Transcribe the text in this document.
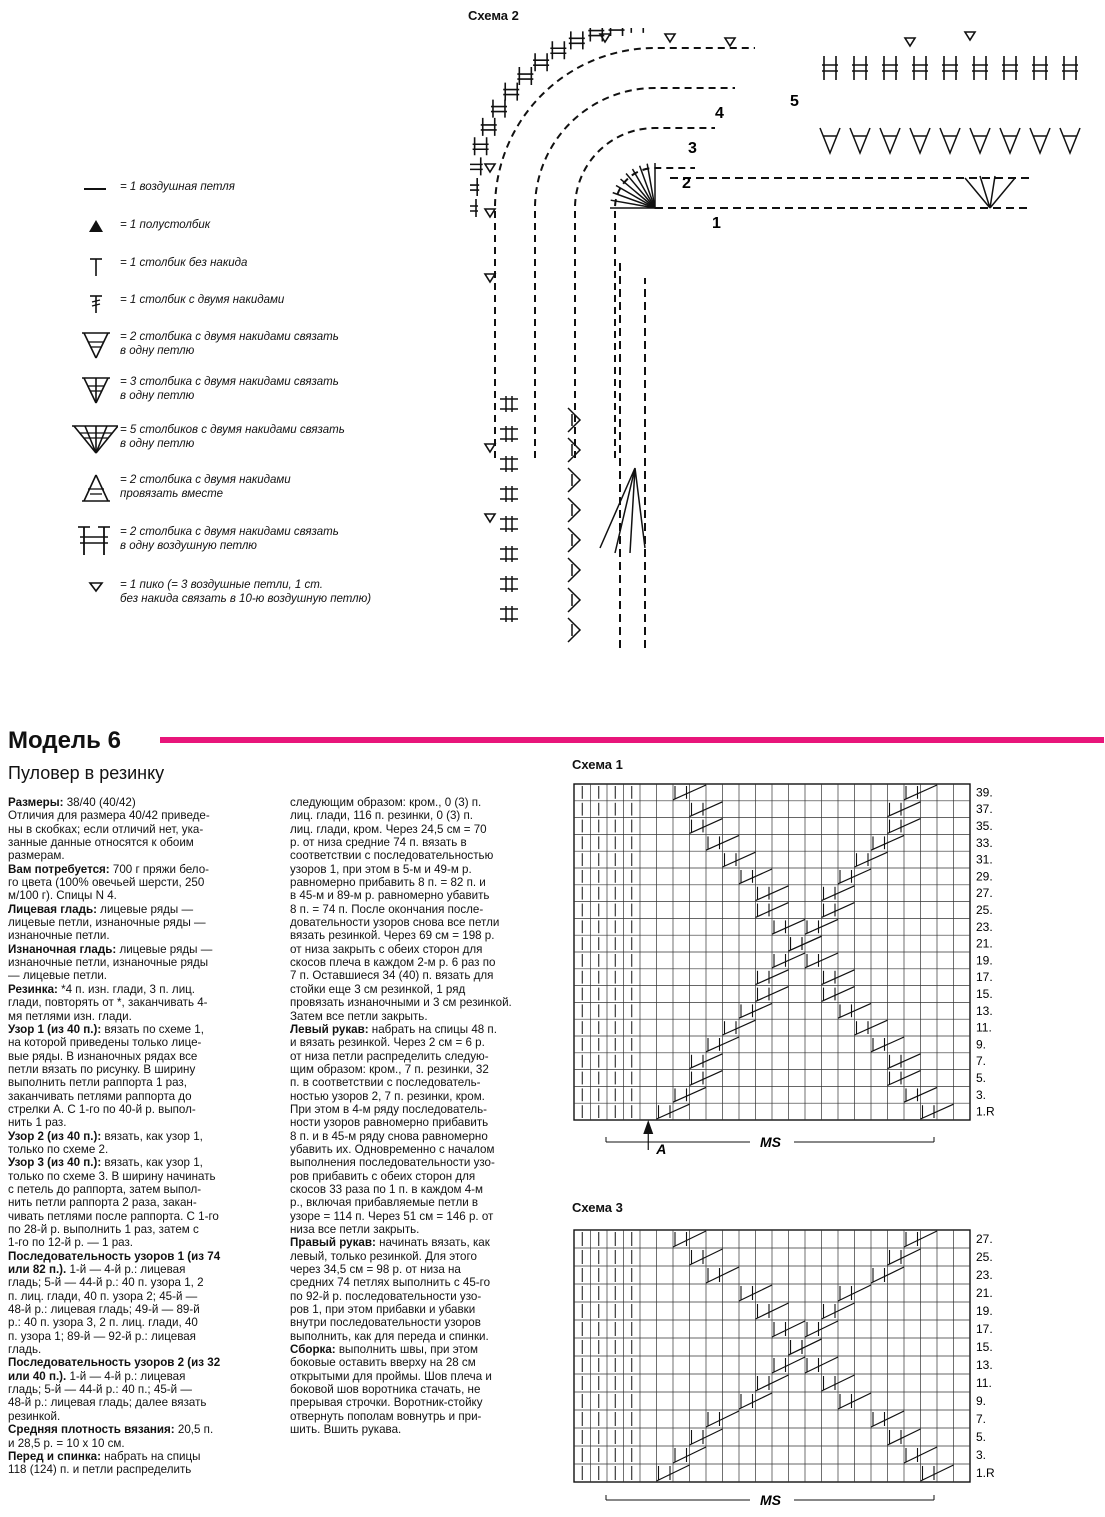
Схема 2
1
2
3
4
5
= 1 воздушная петля
= 1 полустолбик
= 1 столбик без накида
= 1 столбик с двумя накидами
= 2 столбика с двумя накидами связать
в одну петлю
= 3 столбика с двумя накидами связать
в одну петлю
= 5 столбиков с двумя накидами связать
в одну петлю
= 2 столбика с двумя накидами
провязать вместе
= 2 столбика с двумя накидами связать
в одну воздушную петлю
= 1 пико (= 3 воздушные петли, 1 ст.
без накида связать в 10-ю воздушную петлю)
Модель 6
Пуловер в резинку
Размеры: 38/40 (40/42)
Отличия для размера 40/42 приведе-
ны в скобках; если отличий нет, ука-
занные данные относятся к обоим
размерам.
Вам потребуется: 700 г пряжи бело-
го цвета (100% овечьей шерсти, 250
м/100 г). Спицы N 4.
Лицевая гладь: лицевые ряды —
лицевые петли, изнаночные ряды —
изнаночные петли.
Изнаночная гладь: лицевые ряды —
изнаночные петли, изнаночные ряды
— лицевые петли.
Резинка: *4 п. изн. глади, 3 п. лиц.
глади, повторять от *, заканчивать 4-
мя петлями изн. глади.
Узор 1 (из 40 п.): вязать по схеме 1,
на которой приведены только лице-
вые ряды. В изнаночных рядах все
петли вязать по рисунку. В ширину
выполнить петли раппорта 1 раз,
заканчивать петлями раппорта до
стрелки А. С 1-го по 40-й р. выпол-
нить 1 раз.
Узор 2 (из 40 п.): вязать, как узор 1,
только по схеме 2.
Узор 3 (из 40 п.): вязать, как узор 1,
только по схеме 3. В ширину начинать
с петель до раппорта, затем выпол-
нить петли раппорта 2 раза, закан-
чивать петлями после раппорта. С 1-го
по 28-й р. выполнить 1 раз, затем с
1-го по 12-й р. — 1 раз.
Последовательность узоров 1 (из 74
или 82 п.). 1-й — 4-й р.: лицевая
гладь; 5-й — 44-й р.: 40 п. узора 1, 2
п. лиц. глади, 40 п. узора 2; 45-й —
48-й р.: лицевая гладь; 49-й — 89-й
р.: 40 п. узора 3, 2 п. лиц. глади, 40
п. узора 1; 89-й — 92-й р.: лицевая
гладь.
Последовательность узоров 2 (из 32
или 40 п.). 1-й — 4-й р.: лицевая
гладь; 5-й — 44-й р.: 40 п.; 45-й —
48-й р.: лицевая гладь; далее вязать
резинкой.
Средняя плотность вязания: 20,5 п.
и 28,5 р. = 10 х 10 см.
Перед и спинка: набрать на спицы
118 (124) п. и петли распределить

следующим образом: кром., 0 (3) п.
лиц. глади, 116 п. резинки, 0 (3) п.
лиц. глади, кром. Через 24,5 см = 70
р. от низа средние 74 п. вязать в
соответствии с последовательностью
узоров 1, при этом в 5-м и 49-м р.
равномерно прибавить 8 п. = 82 п. и
в 45-м и 89-м р. равномерно убавить
8 п. = 74 п. После окончания после-
довательности узоров снова все петли
вязать резинкой. Через 69 см = 198 р.
от низа закрыть с обеих сторон для
скосов плеча в каждом 2-м р. 6 раз по
7 п. Оставшиеся 34 (40) п. вязать для
стойки еще 3 см резинкой, 1 ряд
провязать изнаночными и 3 см резинкой.
Затем все петли закрыть.
Левый рукав: набрать на спицы 48 п.
и вязать резинкой. Через 2 см = 6 р.
от низа петли распределить следую-
щим образом: кром., 7 п. резинки, 32
п. в соответствии с последователь-
ностью узоров 2, 7 п. резинки, кром.
При этом в 4-м ряду последователь-
ности узоров равномерно прибавить
8 п. и в 45-м ряду снова равномерно
убавить их. Одновременно с началом
выполнения последовательности узо-
ров прибавить с обеих сторон для
скосов 33 раза по 1 п. в каждом 4-м
р., включая прибавляемые петли в
узоре = 114 п. Через 51 см = 146 р. от
низа все петли закрыть.
Правый рукав: начинать вязать, как
левый, только резинкой. Для этого
через 34,5 см = 98 р. от низа на
средних 74 петлях выполнить с 45-го
по 92-й р. последовательности узо-
ров 1, при этом прибавки и убавки
внутри последовательности узоров
выполнить, как для переда и спинки.
Сборка: выполнить швы, при этом
боковые оставить вверху на 28 см
открытыми для проймы. Шов плеча и
боковой шов воротника стачать, не
прерывая строчки. Воротник-стойку
отвернуть пополам вовнутрь и при-
шить. Вшить рукава.

Схема 1
39.
37.
35.
33.
31.
29.
27.
25.
23.
21.
19.
17.
15.
13.
11.
9.
7.
5.
3.
1.R
MS
A
Схема 3
27.
25.
23.
21.
19.
17.
15.
13.
11.
9.
7.
5.
3.
1.R
MS
